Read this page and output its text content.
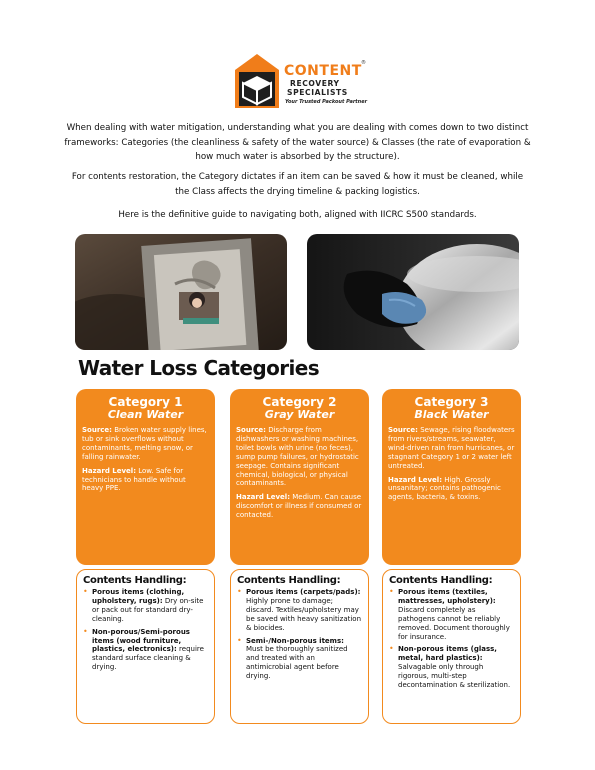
CONTENT ®
RECOVERY
SPECIALISTS
Your Trusted Packout Partner

When dealing with water mitigation, understanding what you are dealing with comes down to two distinct frameworks: Categories (the cleanliness & safety of the water source) & Classes (the rate of evaporation & how much water is absorbed by the structure).

For contents restoration, the Category dictates if an item can be saved & how it must be cleaned, while the Class affects the drying timeline & packing logistics.

Here is the definitive guide to navigating both, aligned with IICRC S500 standards.

Water Loss Categories
Category 1
Clean Water

Source: Broken water supply lines, tub or sink overflows without contaminants, melting snow, or falling rainwater.

Hazard Level: Low. Safe for technicians to handle without heavy PPE.

Category 2
Gray Water

Source: Discharge from dishwashers or washing machines, toilet bowls with urine (no feces), sump pump failures, or hydrostatic seepage. Contains significant chemical, biological, or physical contaminants.

Hazard Level: Medium. Can cause discomfort or illness if consumed or contacted.

Category 3
Black Water

Source: Sewage, rising floodwaters from rivers/streams, seawater, wind-driven rain from hurricanes, or stagnant Category 1 or 2 water left untreated.

Hazard Level: High. Grossly unsanitary; contains pathogenic agents, bacteria, & toxins.

Contents Handling:
• Porous items (clothing, upholstery, rugs): Dry on-site or pack out for standard dry-cleaning.
• Non-porous/Semi-porous items (wood furniture, plastics, electronics): require standard surface cleaning & drying.
Contents Handling:
• Porous items (carpets/pads): Highly prone to damage; discard. Textiles/upholstery may be saved with heavy sanitization & biocides.
• Semi-/Non-porous items: Must be thoroughly sanitized and treated with an antimicrobial agent before drying.
Contents Handling:
• Porous items (textiles, mattresses, upholstery): Discard completely as pathogens cannot be reliably removed. Document thoroughly for insurance.
• Non-porous items (glass, metal, hard plastics): Salvagable only through rigorous, multi-step decontamination & sterilization.
